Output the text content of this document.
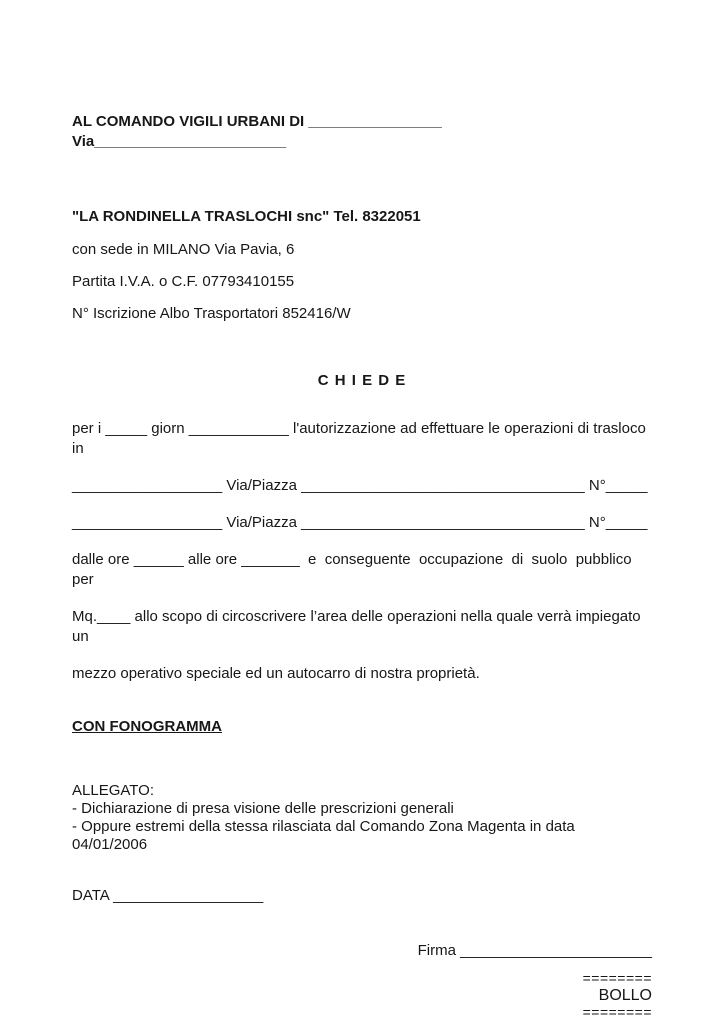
AL COMANDO VIGILI URBANI DI ________________ Via_______________________

"LA RONDINELLA TRASLOCHI snc" Tel. 8322051

con sede in MILANO Via Pavia, 6

Partita I.V.A. o C.F. 07793410155

N° Iscrizione Albo Trasportatori 852416/W

C H I E D E

per i _____ giorn ____________ l'autorizzazione ad effettuare le operazioni di trasloco in

__________________ Via/Piazza __________________________________ N°_____

__________________ Via/Piazza __________________________________ N°_____

dalle ore ______ alle ore _______  e  conseguente  occupazione  di  suolo  pubblico  per

Mq.____ allo scopo di circoscrivere l’area delle operazioni nella quale verrà impiegato un

mezzo operativo speciale ed un autocarro di nostra proprietà.

CON FONOGRAMMA

ALLEGATO:

- Dichiarazione di presa visione delle prescrizioni generali

- Oppure estremi della stessa rilasciata dal Comando Zona Magenta in data 04/01/2006

DATA __________________

Firma _______________________

========

BOLLO

========
